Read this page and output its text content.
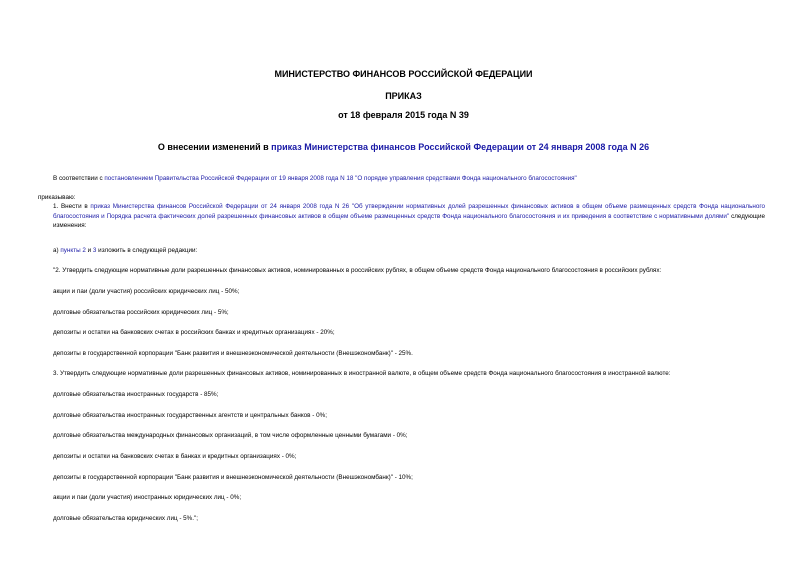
МИНИСТЕРСТВО ФИНАНСОВ РОССИЙСКОЙ ФЕДЕРАЦИИ
ПРИКАЗ
от 18 февраля 2015 года N 39
О внесении изменений в приказ Министерства финансов Российской Федерации от 24 января 2008 года N 26
В соответствии с постановлением Правительства Российской Федерации от 19 января 2008 года N 18 "О порядке управления средствами Фонда национального благосостояния"
приказываю:
1. Внести в приказ Министерства финансов Российской Федерации от 24 января 2008 года N 26 "Об утверждении нормативных долей разрешенных финансовых активов в общем объеме размещенных средств Фонда национального благосостояния и Порядка расчета фактических долей разрешенных финансовых активов в общем объеме размещенных средств Фонда национального благосостояния и их приведения в соответствие с нормативными долями" следующие изменения:
а) пункты 2 и 3 изложить в следующей редакции:
"2. Утвердить следующие нормативные доли разрешенных финансовых активов, номинированных в российских рублях, в общем объеме средств Фонда национального благосостояния в российских рублях:
акции и паи (доли участия) российских юридических лиц - 50%;
долговые обязательства российских юридических лиц - 5%;
депозиты и остатки на банковских счетах в российских банках и кредитных организациях - 20%;
депозиты в государственной корпорации "Банк развития и внешнеэкономической деятельности (Внешэкономбанк)" - 25%.
3. Утвердить следующие нормативные доли разрешенных финансовых активов, номинированных в иностранной валюте, в общем объеме средств Фонда национального благосостояния в иностранной валюте:
долговые обязательства иностранных государств - 85%;
долговые обязательства иностранных государственных агентств и центральных банков - 0%;
долговые обязательства международных финансовых организаций, в том числе оформленные ценными бумагами - 0%;
депозиты и остатки на банковских счетах в банках и кредитных организациях - 0%;
депозиты в государственной корпорации "Банк развития и внешнеэкономической деятельности (Внешэкономбанк)" - 10%;
акции и паи (доли участия) иностранных юридических лиц - 0%;
долговые обязательства юридических лиц - 5%.";
